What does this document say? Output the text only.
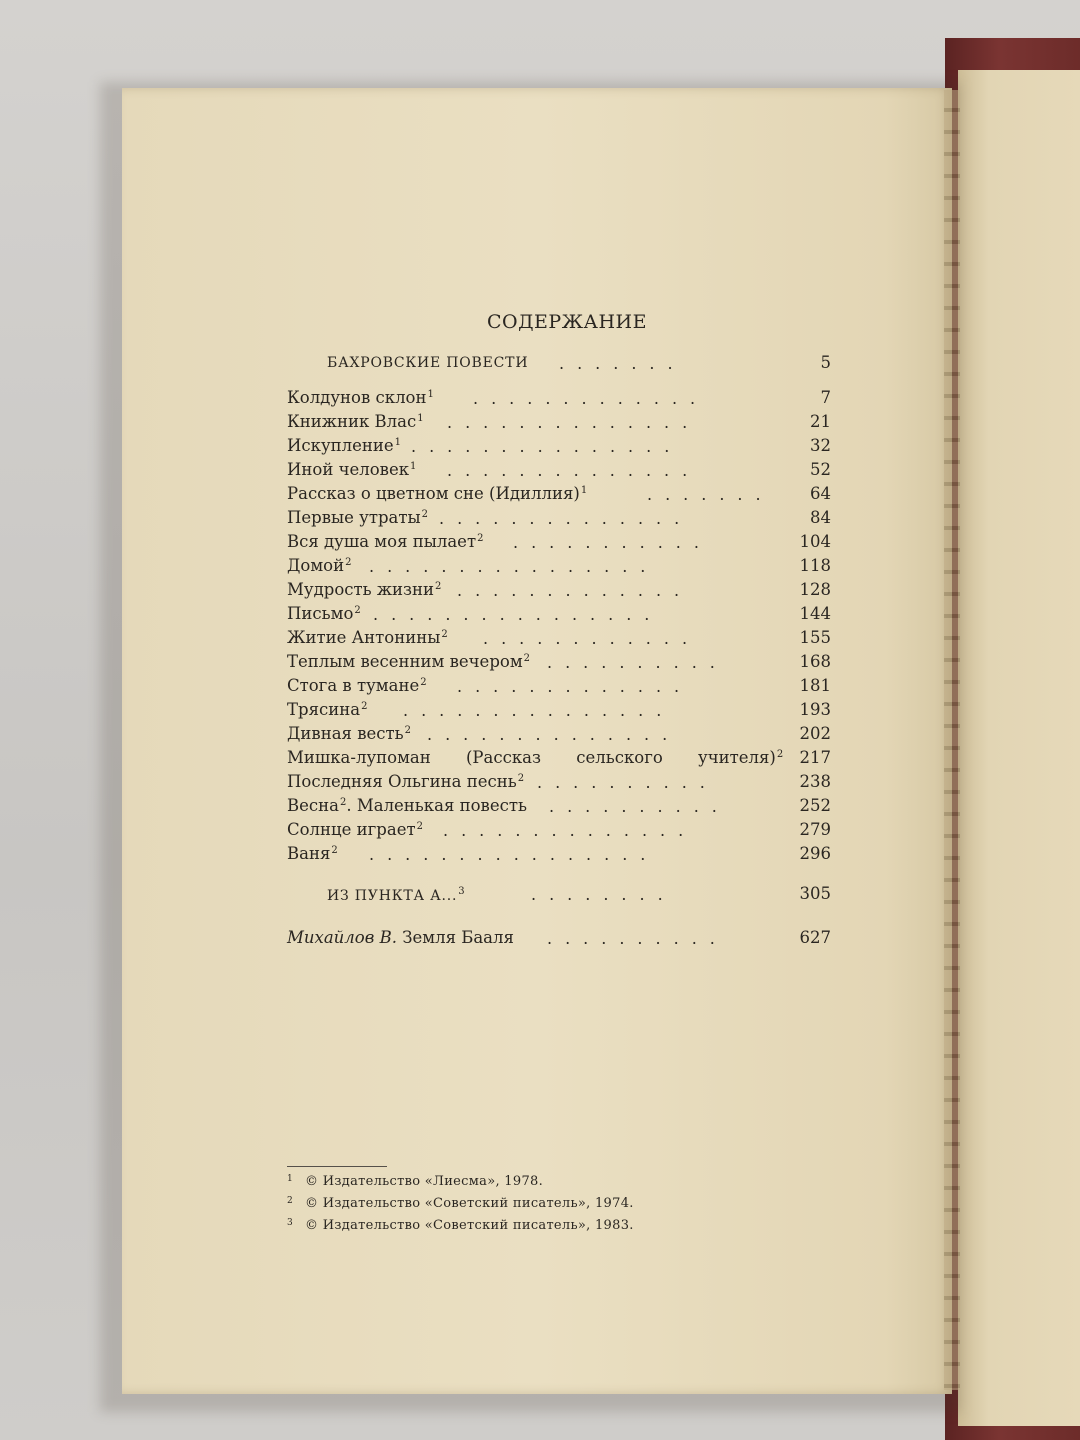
СОДЕРЖАНИЕ
БАХРОВСКИЕ ПОВЕСТИ .......	5
Колдунов склон$^1$ .............	7
Книжник Влас$^1$ ..............	21
Искупление$^1$ ...............	32
Иной человек$^1$ ..............	52
Рассказ о цветном сне (Идиллия)$^1$	....... 64
Первые утраты$^2$ ..............	84
Вся душа моя пылает$^2$ ...........	104
Домой$^2$ ................	118
Мудрость жизни$^2$ .............	128
Письмо$^2$ ................	144
Житие Антонины$^2$ ............	155
Теплым весенним вечером$^2$ ..........	168
Стога в тумане$^2$ .............	181
Трясина$^2$ ...............	193
Дивная весть$^2$ ..............	202
Мишка-лупоман (Рассказ сельского учителя)$^2$ 217
Последняя Ольгина песнь$^2$ ..........	238
Весна$^2$. Маленькая повесть ..........	252
Солнце играет$^2$ ..............	279
Ваня$^2$ ................	296
ИЗ ПУНКТА А...$^3$	........	305
Михайлов В. Земля Бааля ..........	627
1 © Издательство «Лиесма», 1978.
2 © Издательство «Советский писатель», 1974.
3 © Издательство «Советский писатель», 1983.
